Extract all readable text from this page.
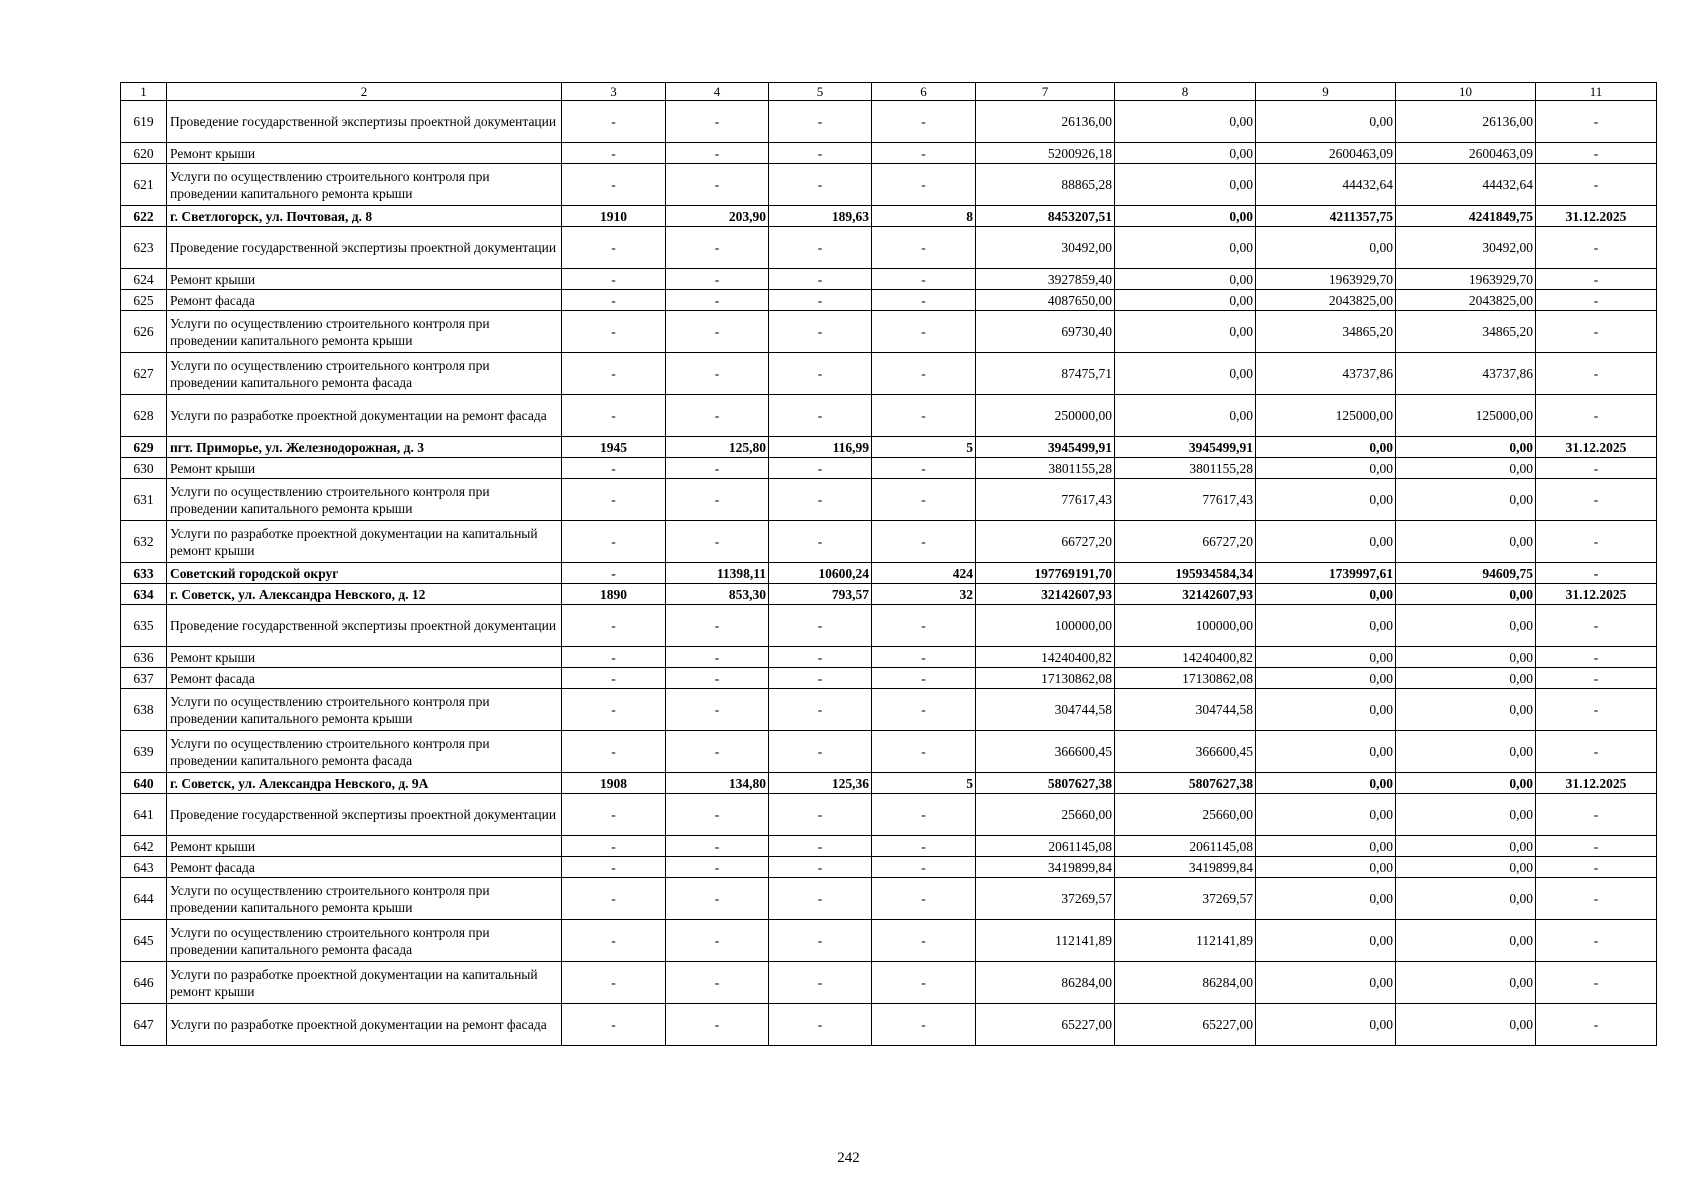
1	2	3	4	5	6	7	8	9	10	11
619	Проведение государственной экспертизы проектной документации	-	-	-	-	26136,00	0,00	0,00	26136,00	-
620	Ремонт крыши	-	-	-	-	5200926,18	0,00	2600463,09	2600463,09	-
621	Услуги по осуществлению строительного контроля при проведении капитального ремонта крыши	-	-	-	-	88865,28	0,00	44432,64	44432,64	-
622	г. Светлогорск, ул. Почтовая, д. 8	1910	203,90	189,63	8	8453207,51	0,00	4211357,75	4241849,75	31.12.2025
623	Проведение государственной экспертизы проектной документации	-	-	-	-	30492,00	0,00	0,00	30492,00	-
624	Ремонт крыши	-	-	-	-	3927859,40	0,00	1963929,70	1963929,70	-
625	Ремонт фасада	-	-	-	-	4087650,00	0,00	2043825,00	2043825,00	-
626	Услуги по осуществлению строительного контроля при проведении капитального ремонта крыши	-	-	-	-	69730,40	0,00	34865,20	34865,20	-
627	Услуги по осуществлению строительного контроля при проведении капитального ремонта фасада	-	-	-	-	87475,71	0,00	43737,86	43737,86	-
628	Услуги по разработке проектной документации на ремонт фасада	-	-	-	-	250000,00	0,00	125000,00	125000,00	-
629	пгт. Приморье, ул. Железнодорожная, д. 3	1945	125,80	116,99	5	3945499,91	3945499,91	0,00	0,00	31.12.2025
630	Ремонт крыши	-	-	-	-	3801155,28	3801155,28	0,00	0,00	-
631	Услуги по осуществлению строительного контроля при проведении капитального ремонта крыши	-	-	-	-	77617,43	77617,43	0,00	0,00	-
632	Услуги по разработке проектной документации на капитальный ремонт крыши	-	-	-	-	66727,20	66727,20	0,00	0,00	-
633	Советский городской округ	-	11398,11	10600,24	424	197769191,70	195934584,34	1739997,61	94609,75	-
634	г. Советск, ул. Александра Невского, д. 12	1890	853,30	793,57	32	32142607,93	32142607,93	0,00	0,00	31.12.2025
635	Проведение государственной экспертизы проектной документации	-	-	-	-	100000,00	100000,00	0,00	0,00	-
636	Ремонт крыши	-	-	-	-	14240400,82	14240400,82	0,00	0,00	-
637	Ремонт фасада	-	-	-	-	17130862,08	17130862,08	0,00	0,00	-
638	Услуги по осуществлению строительного контроля при проведении капитального ремонта крыши	-	-	-	-	304744,58	304744,58	0,00	0,00	-
639	Услуги по осуществлению строительного контроля при проведении капитального ремонта фасада	-	-	-	-	366600,45	366600,45	0,00	0,00	-
640	г. Советск, ул. Александра Невского, д. 9А	1908	134,80	125,36	5	5807627,38	5807627,38	0,00	0,00	31.12.2025
641	Проведение государственной экспертизы проектной документации	-	-	-	-	25660,00	25660,00	0,00	0,00	-
642	Ремонт крыши	-	-	-	-	2061145,08	2061145,08	0,00	0,00	-
643	Ремонт фасада	-	-	-	-	3419899,84	3419899,84	0,00	0,00	-
644	Услуги по осуществлению строительного контроля при проведении капитального ремонта крыши	-	-	-	-	37269,57	37269,57	0,00	0,00	-
645	Услуги по осуществлению строительного контроля при проведении капитального ремонта фасада	-	-	-	-	112141,89	112141,89	0,00	0,00	-
646	Услуги по разработке проектной документации на капитальный ремонт крыши	-	-	-	-	86284,00	86284,00	0,00	0,00	-
647	Услуги по разработке проектной документации на ремонт фасада	-	-	-	-	65227,00	65227,00	0,00	0,00	-
242
